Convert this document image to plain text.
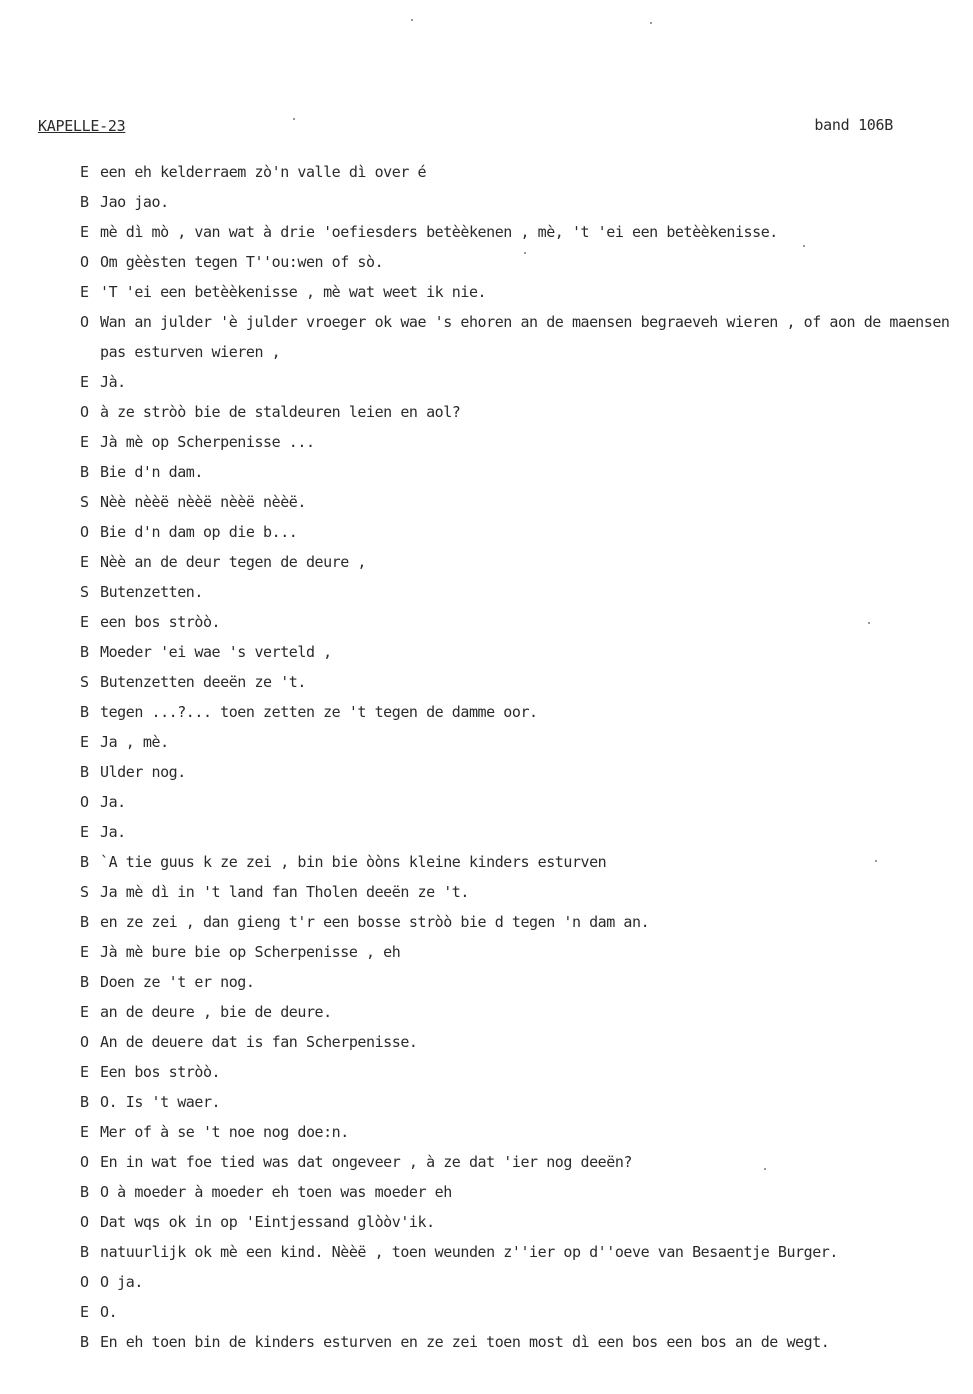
KAPELLE-23	band 106B
E een eh kelderraem zò'n valle dì over é
B Jao jao.
E mè dì mò , van wat à drie 'oefiesders betèèkenen , mè, 't 'ei een betèèkenisse.
O Om gèèsten tegen T''ou:wen of sò.
E 'T 'ei een betèèkenisse , mè wat weet ik nie.
O Wan an julder 'è julder vroeger ok wae 's ehoren an de maensen begraeveh wieren , of aon de maensen pas esturven wieren ,
E Jà.
O à ze stròò bie de staldeuren leien en aol?
E Jà mè op Scherpenisse ...
B Bie d'n dam.
S Nèè nèèë nèèë nèèë nèèë.
O Bie d'n dam op die b...
E Nèè an de deur tegen de deure ,
S Butenzetten.
E een bos stròò.
B Moeder 'ei wae 's verteld ,
S Butenzetten deeën ze 't.
B tegen ...?... toen zetten ze 't tegen de damme oor.
E Ja , mè.
B Ulder nog.
O Ja.
E Ja.
B `A tie guus k ze zei , bin bie òòns kleine kinders esturven
S Ja mè dì in 't land fan Tholen deeën ze 't.
B en ze zei , dan gieng t'r een bosse stròò bie d tegen 'n dam an.
E Jà mè bure bie op Scherpenisse , eh
B Doen ze 't er nog.
E an de deure , bie de deure.
O An de deuere dat is fan Scherpenisse.
E Een bos stròò.
B O. Is 't waer.
E Mer of à se 't noe nog doe:n.
O En in wat foe tied was dat ongeveer , à ze dat 'ier nog deeën?
B O à moeder à moeder eh toen was moeder eh
O Dat wqs ok in op 'Eintjessand glòòv'ik.
B natuurlijk ok mè een kind. Nèèë , toen weunden z''ier op d''oeve van Besaentje Burger.
O O ja.
E O.
B En eh toen bin de kinders esturven en ze zei toen most dì een bos een bos an de wegt.
